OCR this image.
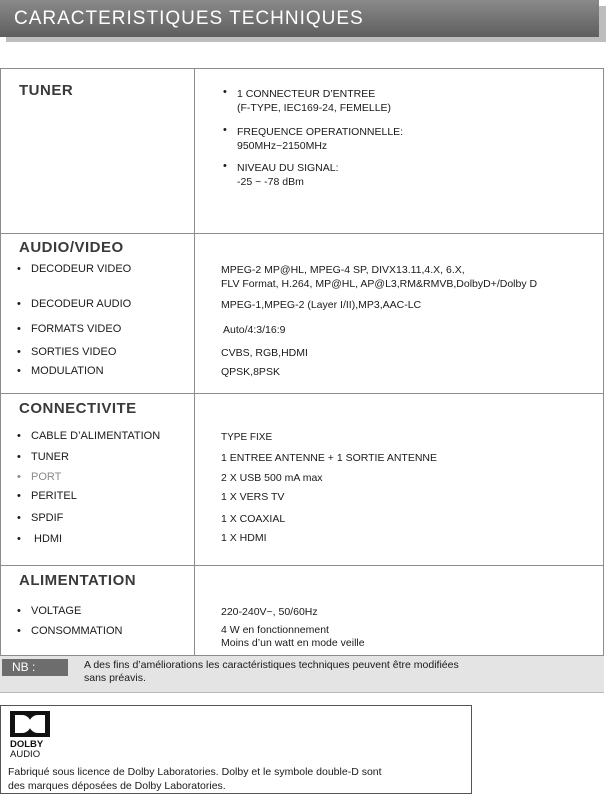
CARACTERISTIQUES TECHNIQUES
TUNER	• 1 CONNECTEUR D’ENTREE
(F-TYPE, IEC169-24, FEMELLE)
• FREQUENCE OPERATIONNELLE:
950MHz~2150MHz
• NIVEAU DU SIGNAL:
-25 ~ -78 dBm
AUDIO/VIDEO
• DECODEUR VIDEO	MPEG-2 MP@HL, MPEG-4 SP, DIVX13.11,4.X, 6.X,
FLV Format, H.264, MP@HL, AP@L3,RM&RMVB,DolbyD+/Dolby D
• DECODEUR AUDIO	MPEG-1,MPEG-2 (Layer I/II),MP3,AAC-LC
• FORMATS VIDEO	Auto/4:3/16:9
• SORTIES VIDEO	CVBS, RGB,HDMI
• MODULATION	QPSK,8PSK
CONNECTIVITE
• CABLE D’ALIMENTATION	TYPE FIXE
• TUNER	1 ENTREE ANTENNE + 1 SORTIE ANTENNE
• PORT	2 X USB 500 mA max
• PERITEL	1 X VERS TV
• SPDIF	1 X COAXIAL
• HDMI	1 X HDMI
ALIMENTATION
• VOLTAGE	220-240V~, 50/60Hz
• CONSOMMATION	4 W en fonctionnement
Moins d’un watt en mode veille
NB :	A des fins d’améliorations les caractéristiques techniques peuvent être modifiées
sans préavis.
DOLBY
AUDIO
Fabriqué sous licence de Dolby Laboratories. Dolby et le symbole double-D sont
des marques déposées de Dolby Laboratories.
